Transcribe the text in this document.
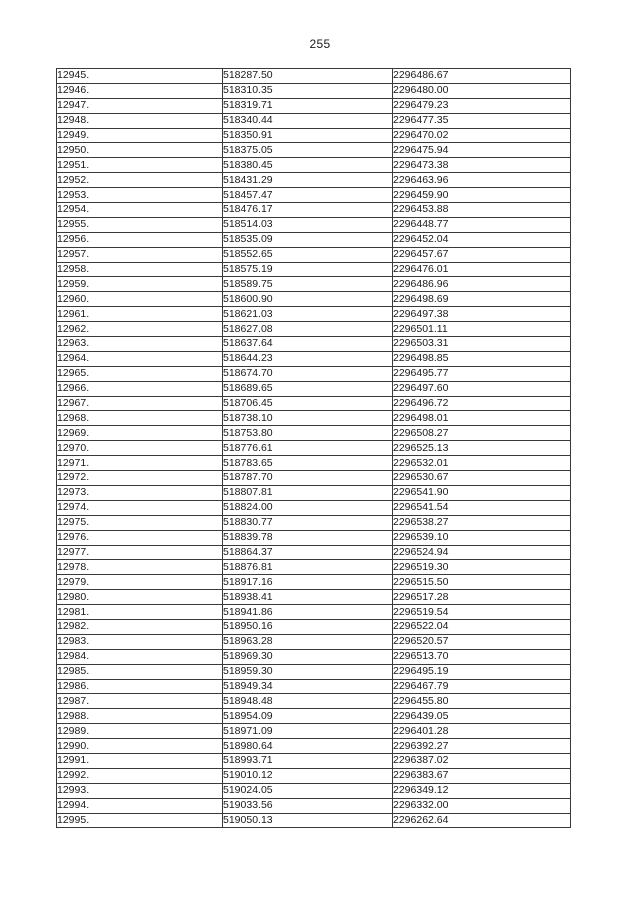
255
12945.	518287.50	2296486.67
12946.	518310.35	2296480.00
12947.	518319.71	2296479.23
12948.	518340.44	2296477.35
12949.	518350.91	2296470.02
12950.	518375.05	2296475.94
12951.	518380.45	2296473.38
12952.	518431.29	2296463.96
12953.	518457.47	2296459.90
12954.	518476.17	2296453.88
12955.	518514.03	2296448.77
12956.	518535.09	2296452.04
12957.	518552.65	2296457.67
12958.	518575.19	2296476.01
12959.	518589.75	2296486.96
12960.	518600.90	2296498.69
12961.	518621.03	2296497.38
12962.	518627.08	2296501.11
12963.	518637.64	2296503.31
12964.	518644.23	2296498.85
12965.	518674.70	2296495.77
12966.	518689.65	2296497.60
12967.	518706.45	2296496.72
12968.	518738.10	2296498.01
12969.	518753.80	2296508.27
12970.	518776.61	2296525.13
12971.	518783.65	2296532.01
12972.	518787.70	2296530.67
12973.	518807.81	2296541.90
12974.	518824.00	2296541.54
12975.	518830.77	2296538.27
12976.	518839.78	2296539.10
12977.	518864.37	2296524.94
12978.	518876.81	2296519.30
12979.	518917.16	2296515.50
12980.	518938.41	2296517.28
12981.	518941.86	2296519.54
12982.	518950.16	2296522.04
12983.	518963.28	2296520.57
12984.	518969.30	2296513.70
12985.	518959.30	2296495.19
12986.	518949.34	2296467.79
12987.	518948.48	2296455.80
12988.	518954.09	2296439.05
12989.	518971.09	2296401.28
12990.	518980.64	2296392.27
12991.	518993.71	2296387.02
12992.	519010.12	2296383.67
12993.	519024.05	2296349.12
12994.	519033.56	2296332.00
12995.	519050.13	2296262.64
